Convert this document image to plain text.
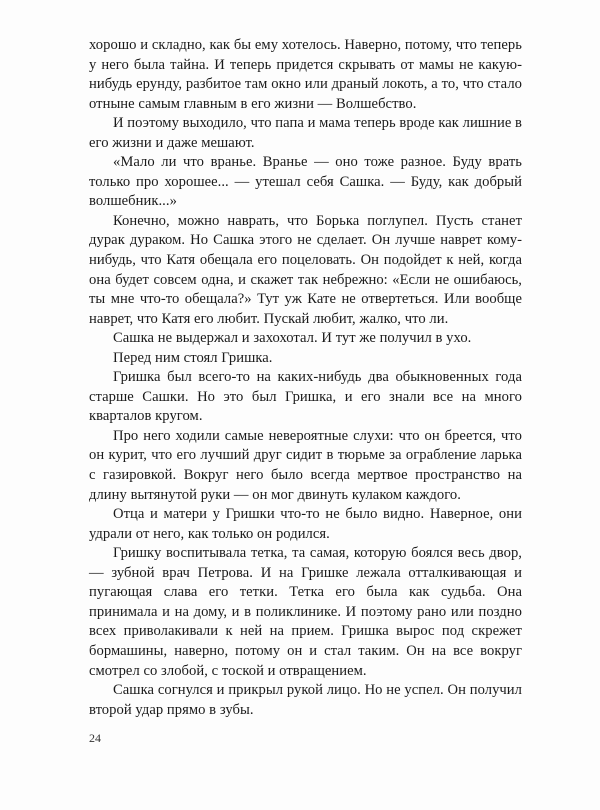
хорошо и складно, как бы ему хотелось. Наверно, потому, что теперь у него была тайна. И теперь придется скрывать от мамы не какую-нибудь ерунду, разбитое там окно или драный локоть, а то, что стало отныне самым главным в его жизни — Волшебство.

И поэтому выходило, что папа и мама теперь вроде как лишние в его жизни и даже мешают.

«Мало ли что вранье. Вранье — оно тоже разное. Буду врать только про хорошее... — утешал себя Сашка. — Буду, как добрый волшебник...»

Конечно, можно наврать, что Борька поглупел. Пусть станет дурак дураком. Но Сашка этого не сделает. Он лучше наврет кому-нибудь, что Катя обещала его поцеловать. Он подойдет к ней, когда она будет совсем одна, и скажет так небрежно: «Если не ошибаюсь, ты мне что-то обещала?» Тут уж Кате не отвертеться. Или вообще наврет, что Катя его любит. Пускай любит, жалко, что ли.

Сашка не выдержал и захохотал. И тут же получил в ухо.

Перед ним стоял Гришка.

Гришка был всего-то на каких-нибудь два обыкновенных года старше Сашки. Но это был Гришка, и его знали все на много кварталов кругом.

Про него ходили самые невероятные слухи: что он бреется, что он курит, что его лучший друг сидит в тюрьме за ограбление ларька с газировкой. Вокруг него было всегда мертвое пространство на длину вытянутой руки — он мог двинуть кулаком каждого.

Отца и матери у Гришки что-то не было видно. Наверное, они удрали от него, как только он родился.

Гришку воспитывала тетка, та самая, которую боялся весь двор, — зубной врач Петрова. И на Гришке лежала отталкивающая и пугающая слава его тетки. Тетка его была как судьба. Она принимала и на дому, и в поликлинике. И поэтому рано или поздно всех приволакивали к ней на прием. Гришка вырос под скрежет бормашины, наверно, потому он и стал таким. Он на все вокруг смотрел со злобой, с тоской и отвращением.

Сашка согнулся и прикрыл рукой лицо. Но не успел. Он получил второй удар прямо в зубы.

24
